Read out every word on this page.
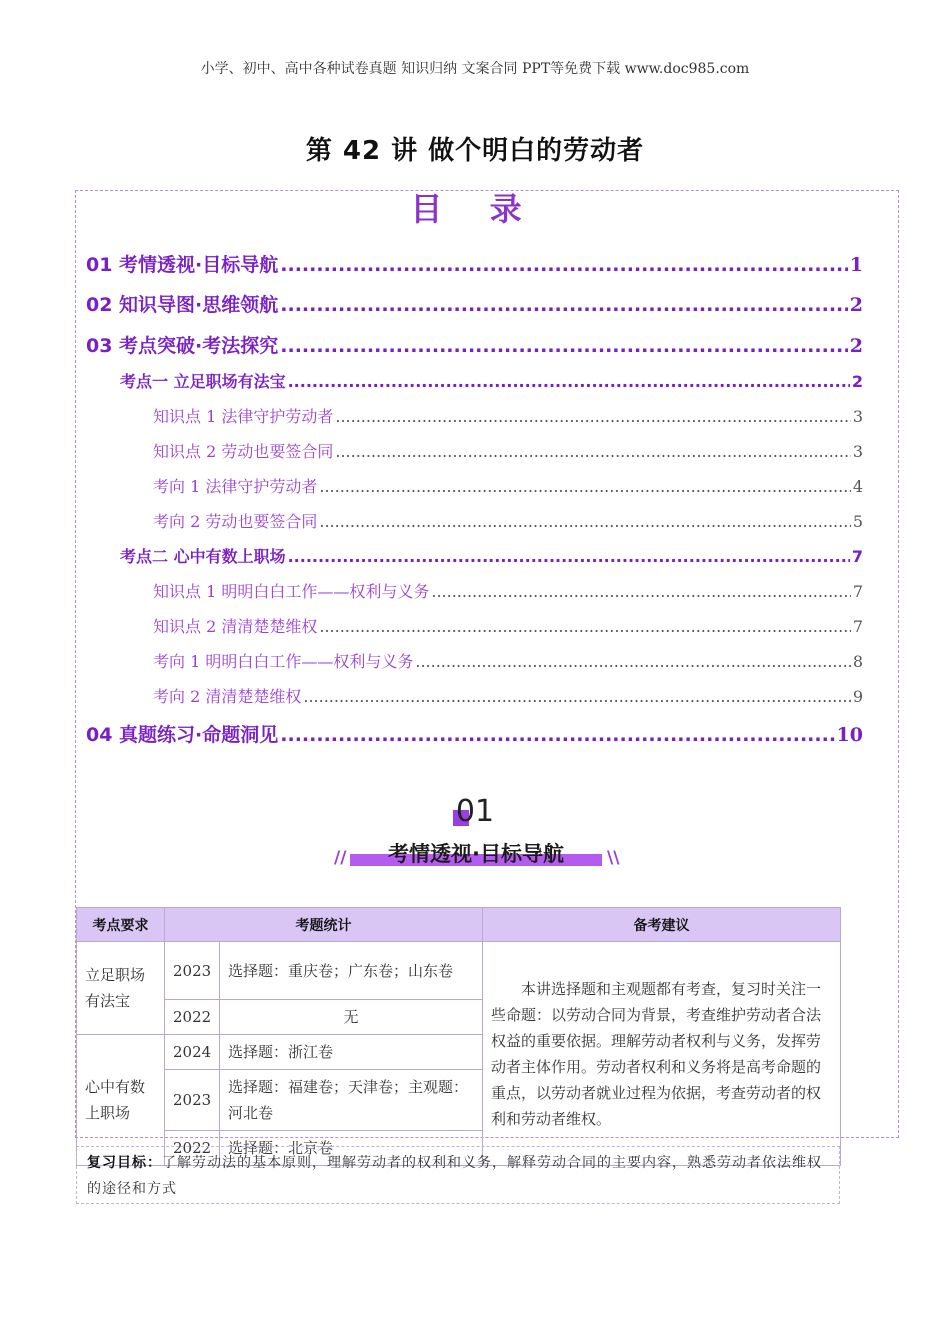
小学、初中、高中各种试卷真题 知识归纳 文案合同 PPT等免费下载 www.doc985.com
第 42 讲 做个明白的劳动者
目 录
01 考情透视·目标导航 .....	1
02 知识导图·思维领航 .....	2
03 考点突破·考法探究 .....	2
考点一 立足职场有法宝 .....	2
知识点 1 法律守护劳动者 .....	3
知识点 2 劳动也要签合同 .....	3
考向 1 法律守护劳动者 .....	4
考向 2 劳动也要签合同 .....	5
考点二 心中有数上职场 .....	7
知识点 1 明明白白工作——权利与义务 .....	7
知识点 2 清清楚楚维权 .....	7
考向 1 明明白白工作——权利与义务 .....	8
考向 2 清清楚楚维权 .....	9
04 真题练习·命题洞见 .....	10
01
//	考情透视·目标导航	\\
考点要求	考题统计		备考建议
立足职场有法宝	2023	选择题：重庆卷；广东卷；山东卷	本讲选择题和主观题都有考查，复习时关注一些命题：以劳动合同为背景，考查维护劳动者合法权益的重要依据。理解劳动者权利与义务，发挥劳动者主体作用。劳动者权利和义务将是高考命题的重点，以劳动者就业过程为依据，考查劳动者的权利和劳动者维权。
	2022	无	
心中有数上职场	2024	选择题：浙江卷	
	2023	选择题：福建卷；天津卷；主观题：河北卷	
	2022	选择题：北京卷	
复习目标：了解劳动法的基本原则，理解劳动者的权利和义务，解释劳动合同的主要内容，熟悉劳动者依法维权的途径和方式
